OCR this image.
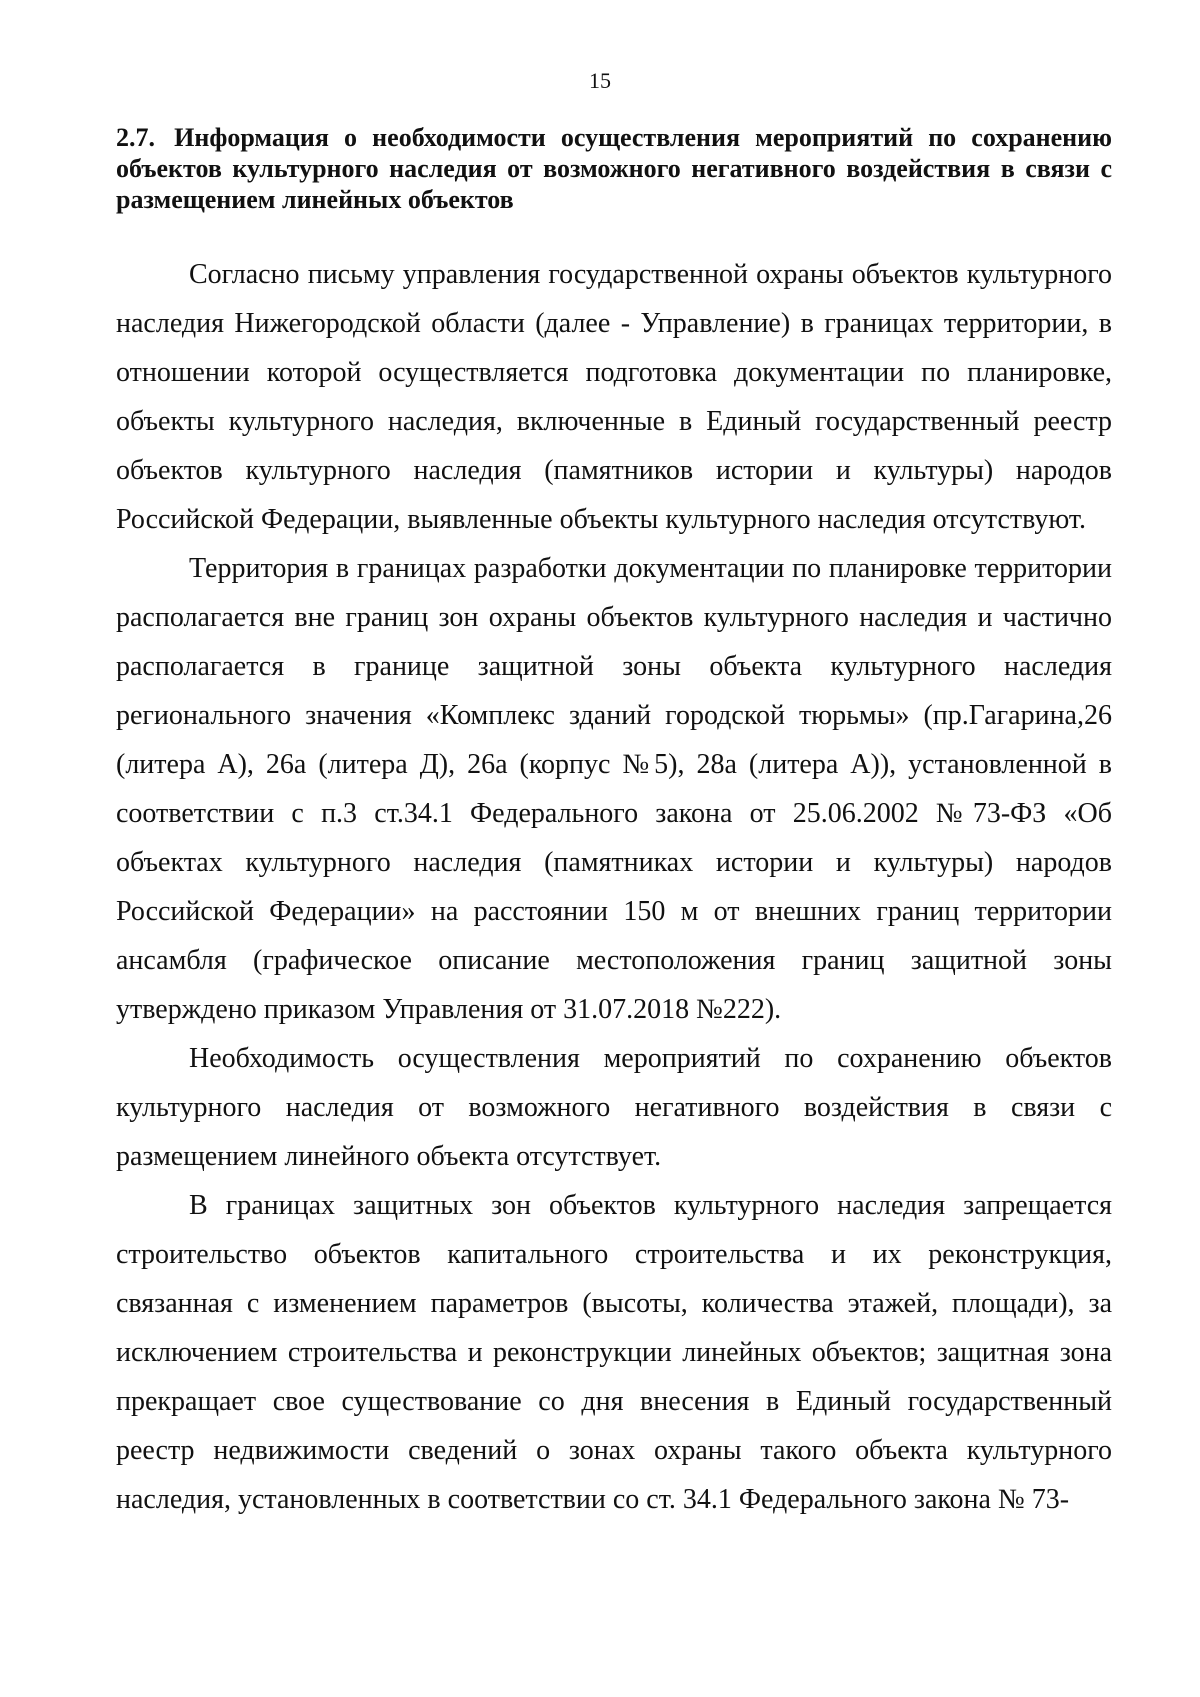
15
2.7. Информация о необходимости осуществления мероприятий по сохранению объектов культурного наследия от возможного негативного воздействия в связи с размещением линейных объектов

Согласно письму управления государственной охраны объектов культурного наследия Нижегородской области (далее - Управление) в границах территории, в отношении которой осуществляется подготовка документации по планировке, объекты культурного наследия, включенные в Единый государственный реестр объектов культурного наследия (памятников истории и культуры) народов Российской Федерации, выявленные объекты культурного наследия отсутствуют.

Территория в границах разработки документации по планировке территории располагается вне границ зон охраны объектов культурного наследия и частично располагается в границе защитной зоны объекта культурного наследия регионального значения «Комплекс зданий городской тюрьмы» (пр.Гагарина,26 (литера А), 26а (литера Д), 26а (корпус №5), 28а (литера А)), установленной в соответствии с п.3 ст.34.1 Федерального закона от 25.06.2002 №73-ФЗ «Об объектах культурного наследия (памятниках истории и культуры) народов Российской Федерации» на расстоянии 150 м от внешних границ территории ансамбля (графическое описание местоположения границ защитной зоны утверждено приказом Управления от 31.07.2018 №222).

Необходимость осуществления мероприятий по сохранению объектов культурного наследия от возможного негативного воздействия в связи с размещением линейного объекта отсутствует.

В границах защитных зон объектов культурного наследия запрещается строительство объектов капитального строительства и их реконструкция, связанная с изменением параметров (высоты, количества этажей, площади), за исключением строительства и реконструкции линейных объектов; защитная зона прекращает свое существование со дня внесения в Единый государственный реестр недвижимости сведений о зонах охраны такого объекта культурного наследия, установленных в соответствии со ст. 34.1 Федерального закона № 73-
